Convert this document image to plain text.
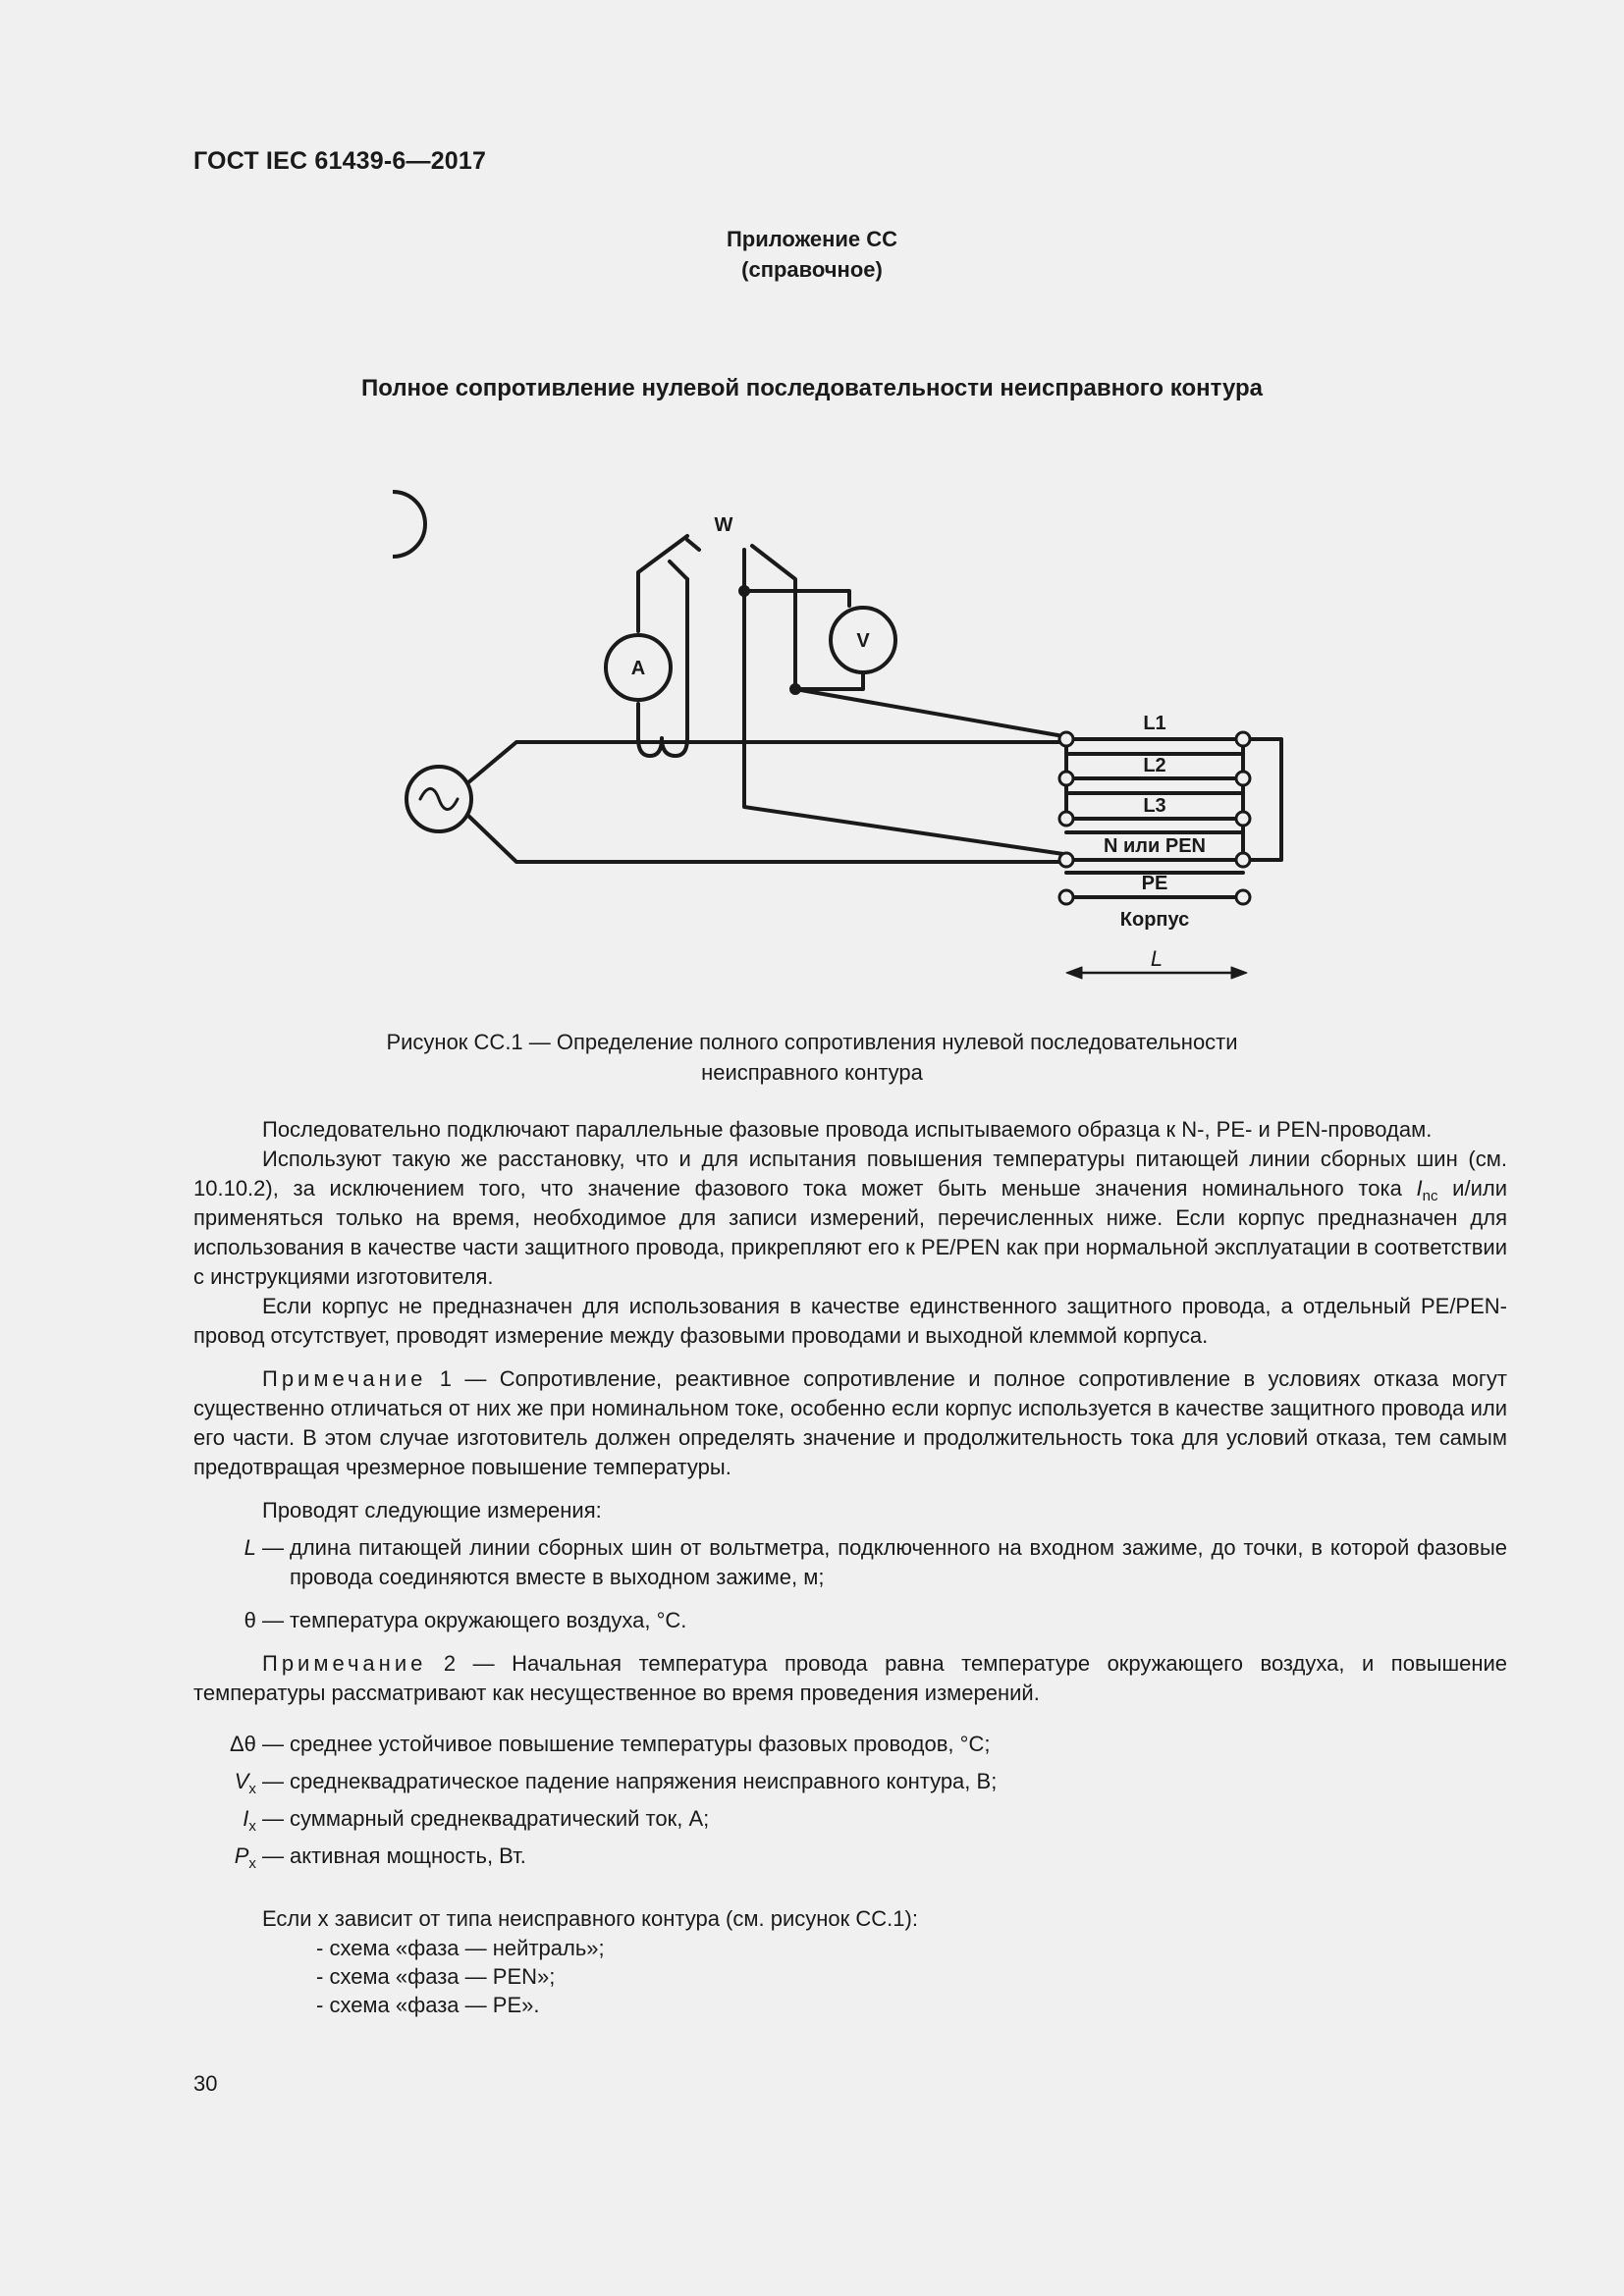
ГОСТ IEC 61439-6—2017
Приложение СС
(справочное)
Полное сопротивление нулевой последовательности неисправного контура
W
A
V
L1
L2
L3
N или PEN
PE
Корпус
L
Рисунок СС.1 — Определение полного сопротивления нулевой последовательности
неисправного контура

Последовательно подключают параллельные фазовые провода испытываемого образца к N-, PE- и PEN-проводам.

Используют такую же расстановку, что и для испытания повышения температуры питающей линии сборных шин (см. 10.10.2), за исключением того, что значение фазового тока может быть меньше значения номинального тока $I_{nc}$ и/или применяться только на время, необходимое для записи измерений, перечисленных ниже. Если корпус предназначен для использования в качестве части защитного провода, прикрепляют его к PE/PEN как при нормальной эксплуатации в соответствии с инструкциями изготовителя.

Если корпус не предназначен для использования в качестве единственного защитного провода, а отдельный PE/PEN-провод отсутствует, проводят измерение между фазовыми проводами и выходной клеммой корпуса.

Примечание 1 — Сопротивление, реактивное сопротивление и полное сопротивление в условиях отказа могут существенно отличаться от них же при номинальном токе, особенно если корпус используется в качестве защитного провода или его части. В этом случае изготовитель должен определять значение и продолжительность тока для условий отказа, тем самым предотвращая чрезмерное повышение температуры.

Проводят следующие измерения:

L — длина питающей линии сборных шин от вольтметра, подключенного на входном зажиме, до точки, в которой фазовые провода соединяются вместе в выходном зажиме, м;
θ — температура окружающего воздуха, °С.

Примечание 2 — Начальная температура провода равна температуре окружающего воздуха, и повышение температуры рассматривают как несущественное во время проведения измерений.

Δθ — среднее устойчивое повышение температуры фазовых проводов, °С;
$V_x$ — среднеквадратическое падение напряжения неисправного контура, В;
$I_x$ — суммарный среднеквадратический ток, А;
$P_x$ — активная мощность, Вт.

Если х зависит от типа неисправного контура (см. рисунок СС.1):

- схема «фаза — нейтраль»;
- схема «фаза — PEN»;
- схема «фаза — PE».
30
